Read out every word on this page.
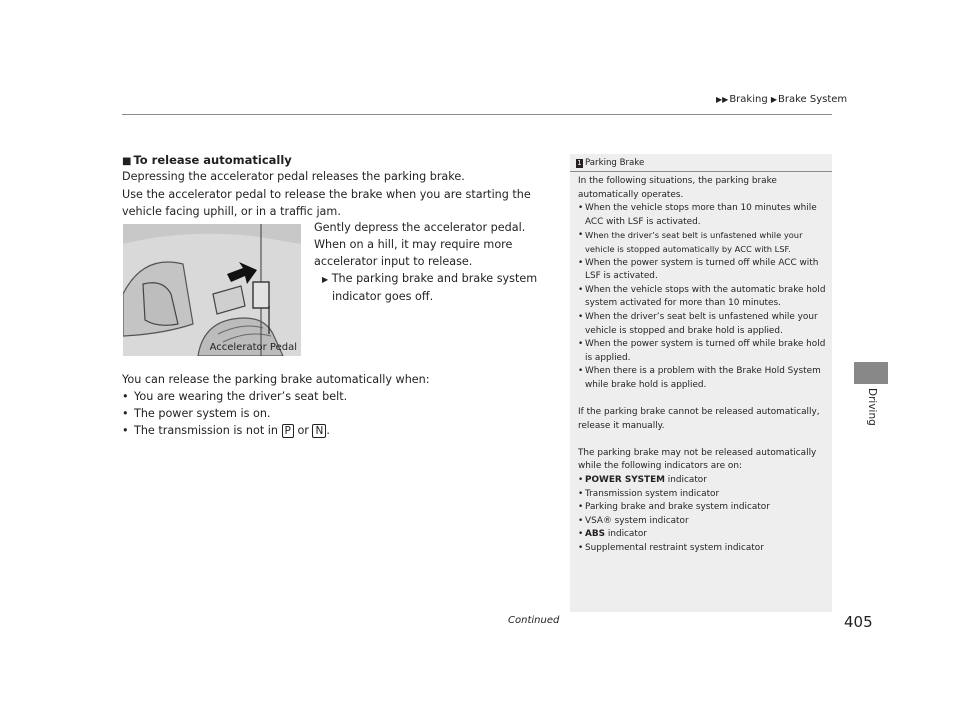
▶▶Braking ▶Brake System
Driving
■ To release automatically
Depressing the accelerator pedal releases the parking brake.
Use the accelerator pedal to release the brake when you are starting the vehicle facing uphill, or in a traffic jam.
Accelerator Pedal
Gently depress the accelerator pedal.
When on a hill, it may require more accelerator input to release.
▶ The parking brake and brake system indicator goes off.
You can release the parking brake automatically when:
• You are wearing the driver’s seat belt.
• The power system is on.
• The transmission is not in P or N .
1 Parking Brake
In the following situations, the parking brake automatically operates.
• When the vehicle stops more than 10 minutes while ACC with LSF is activated.
• When the driver’s seat belt is unfastened while your vehicle is stopped automatically by ACC with LSF.
• When the power system is turned off while ACC with LSF is activated.
• When the vehicle stops with the automatic brake hold system activated for more than 10 minutes.
• When the driver’s seat belt is unfastened while your vehicle is stopped and brake hold is applied.
• When the power system is turned off while brake hold is applied.
• When there is a problem with the Brake Hold System while brake hold is applied.
If the parking brake cannot be released automatically, release it manually.
The parking brake may not be released automatically while the following indicators are on:
• POWER SYSTEM indicator
• Transmission system indicator
• Parking brake and brake system indicator
• VSA® system indicator
• ABS indicator
• Supplemental restraint system indicator
Continued	405
